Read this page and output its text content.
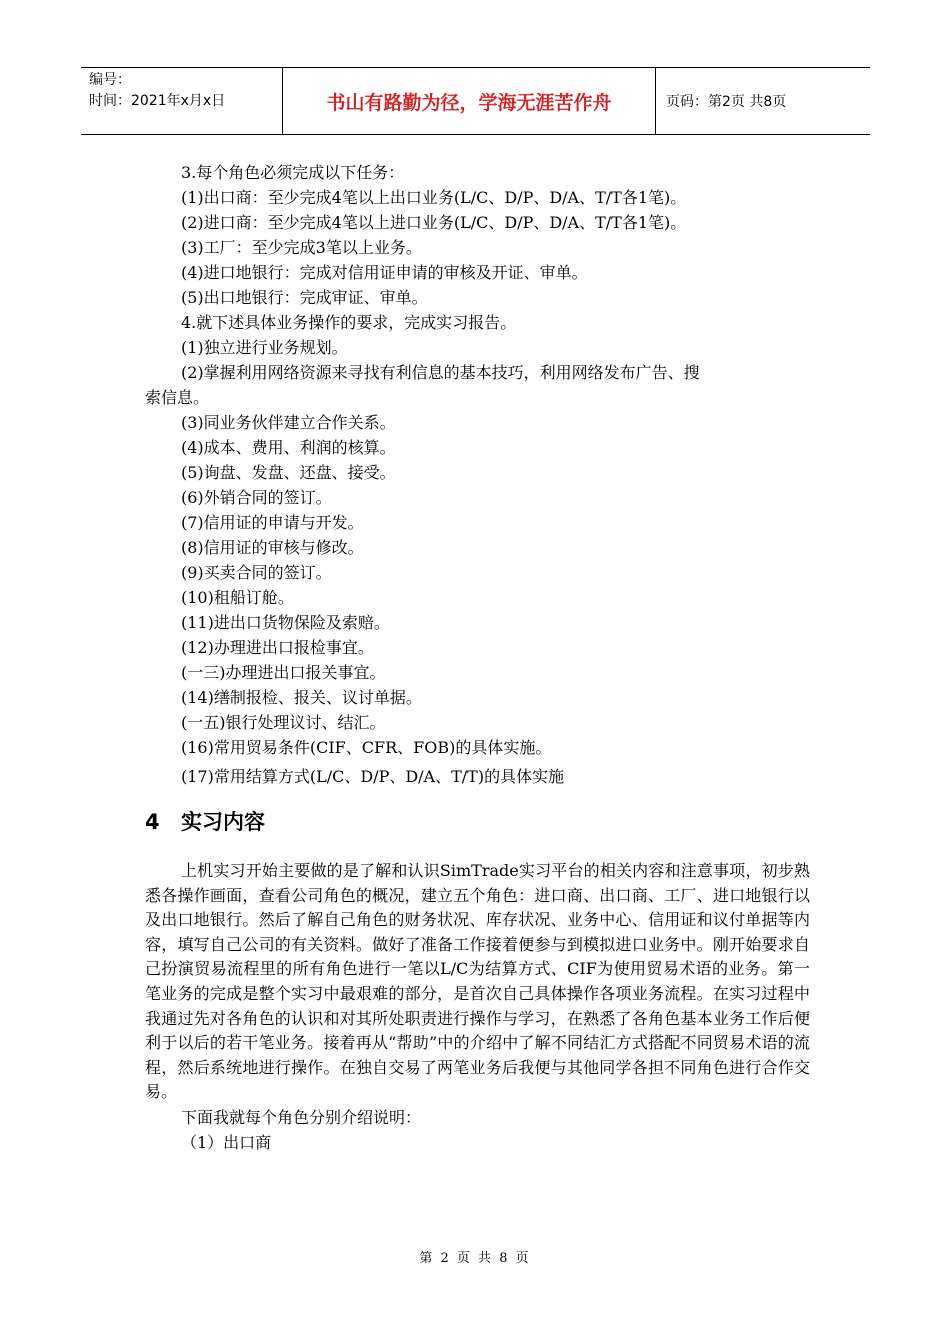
编号：
时间：2021年x月x日	书山有路勤为径，学海无涯苦作舟	页码：第2页 共8页
3.每个角色必须完成以下任务：
(1)出口商：至少完成4笔以上出口业务(L/C、D/P、D/A、T/T各1笔)。
(2)进口商：至少完成4笔以上进口业务(L/C、D/P、D/A、T/T各1笔)。
(3)工厂：至少完成3笔以上业务。
(4)进口地银行：完成对信用证申请的审核及开证、审单。
(5)出口地银行：完成审证、审单。
4.就下述具体业务操作的要求，完成实习报告。
(1)独立进行业务规划。
(2)掌握利用网络资源来寻找有利信息的基本技巧，利用网络发布广告、搜
索信息。
(3)同业务伙伴建立合作关系。
(4)成本、费用、利润的核算。
(5)询盘、发盘、还盘、接受。
(6)外销合同的签订。
(7)信用证的申请与开发。
(8)信用证的审核与修改。
(9)买卖合同的签订。
(10)租船订舱。
(11)进出口货物保险及索赔。
(12)办理进出口报检事宜。
(一三)办理进出口报关事宜。
(14)缮制报检、报关、议讨单据。
(一五)银行处理议讨、结汇。
(16)常用贸易条件(CIF、CFR、FOB)的具体实施。
(17)常用结算方式(L/C、D/P、D/A、T/T)的具体实施
4 实习内容
上机实习开始主要做的是了解和认识SimTrade实习平台的相关内容和注意事项，初步熟悉各操作画面，查看公司角色的概况，建立五个角色：进口商、出口商、工厂、进口地银行以及出口地银行。然后了解自己角色的财务状况、库存状况、业务中心、信用证和议付单据等内容，填写自己公司的有关资料。做好了准备工作接着便参与到模拟进口业务中。刚开始要求自己扮演贸易流程里的所有角色进行一笔以L/C为结算方式、CIF为使用贸易术语的业务。第一笔业务的完成是整个实习中最艰难的部分，是首次自己具体操作各项业务流程。在实习过程中我通过先对各角色的认识和对其所处职责进行操作与学习，在熟悉了各角色基本业务工作后便利于以后的若干笔业务。接着再从“帮助”中的介绍中了解不同结汇方式搭配不同贸易术语的流程，然后系统地进行操作。在独自交易了两笔业务后我便与其他同学各担不同角色进行合作交易。
下面我就每个角色分别介绍说明：
（1）出口商
第 2 页 共 8 页
